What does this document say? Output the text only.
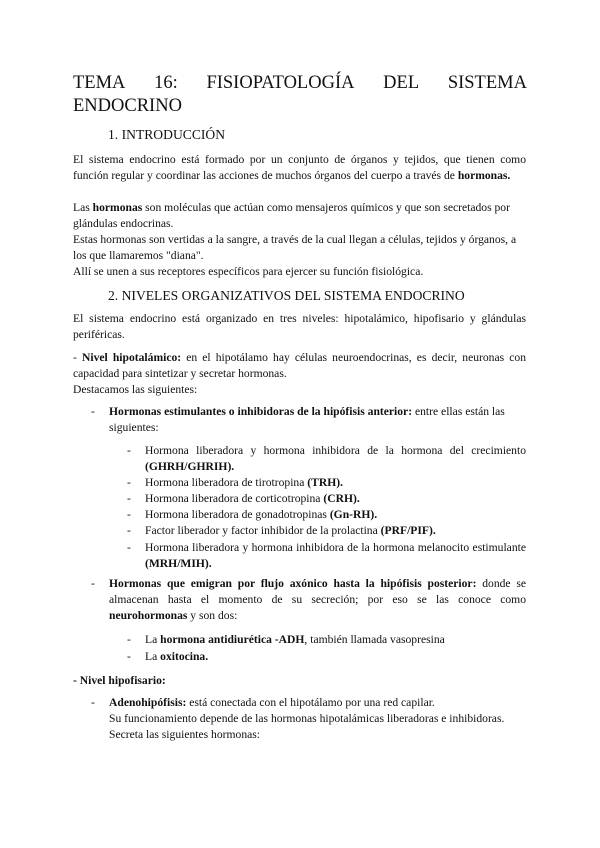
TEMA 16: FISIOPATOLOGÍA DEL SISTEMA
ENDOCRINO
1. INTRODUCCIÓN
El sistema endocrino está formado por un conjunto de órganos y tejidos, que tienen como función regular y coordinar las acciones de muchos órganos del cuerpo a través de hormonas.
Las hormonas son moléculas que actúan como mensajeros químicos y que son secretados por glándulas endocrinas.
Estas hormonas son vertidas a la sangre, a través de la cual llegan a células, tejidos y órganos, a los que llamaremos "diana".
Allí se unen a sus receptores específicos para ejercer su función fisiológica.
2. NIVELES ORGANIZATIVOS DEL SISTEMA ENDOCRINO
El sistema endocrino está organizado en tres niveles: hipotalámico, hipofisario y glándulas periféricas.
- Nivel hipotalámico: en el hipotálamo hay células neuroendocrinas, es decir, neuronas con capacidad para sintetizar y secretar hormonas.
Destacamos las siguientes:
- Hormonas estimulantes o inhibidoras de la hipófisis anterior: entre ellas están las siguientes:
- Hormona liberadora y hormona inhibidora de la hormona del crecimiento (GHRH/GHRIH).
- Hormona liberadora de tirotropina (TRH).
- Hormona liberadora de corticotropina (CRH).
- Hormona liberadora de gonadotropinas (Gn-RH).
- Factor liberador y factor inhibidor de la prolactina (PRF/PIF).
- Hormona liberadora y hormona inhibidora de la hormona melanocito estimulante (MRH/MIH).
- Hormonas que emigran por flujo axónico hasta la hipófisis posterior: donde se almacenan hasta el momento de su secreción; por eso se las conoce como neurohormonas y son dos:
- La hormona antidiurética -ADH, también llamada vasopresina
- La oxitocina.
- Nivel hipofisario:
- Adenohipófisis: está conectada con el hipotálamo por una red capilar.
Su funcionamiento depende de las hormonas hipotalámicas liberadoras e inhibidoras.
Secreta las siguientes hormonas:
